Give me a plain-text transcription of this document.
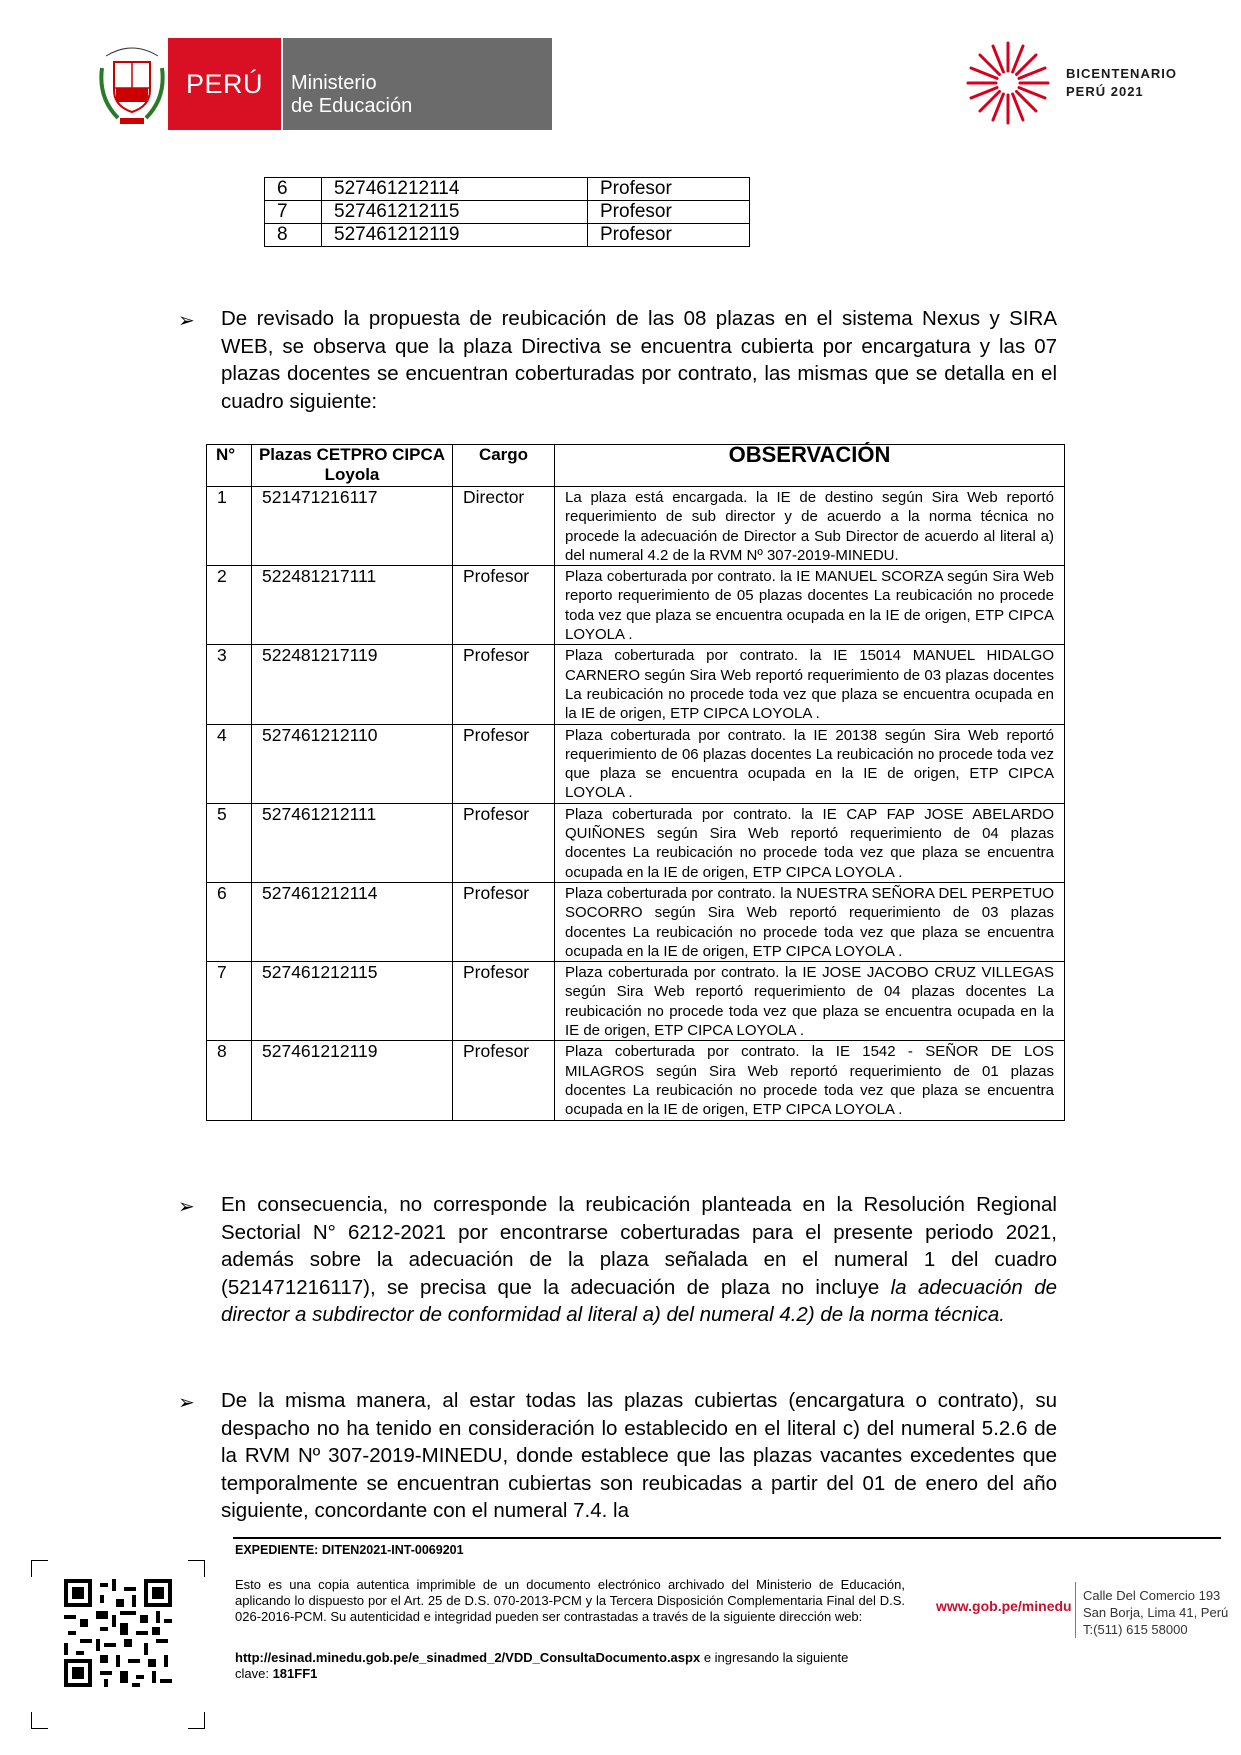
PERÚ Ministerio
de Educación
BICENTENARIO
PERÚ 2021
6	527461212114	Profesor
7	527461212115	Profesor
8	527461212119	Profesor
➢ De revisado la propuesta de reubicación de las 08 plazas en el sistema Nexus y SIRA WEB, se observa que la plaza Directiva se encuentra cubierta por encargatura y las 07 plazas docentes se encuentran coberturadas por contrato, las mismas que se detalla en el cuadro siguiente:
N°	Plazas CETPRO CIPCA Loyola	Cargo	OBSERVACIÓN
1	521471216117	Director	La plaza está encargada. la IE de destino según Sira Web reportó requerimiento de sub director y de acuerdo a la norma técnica no procede la adecuación de Director a Sub Director de acuerdo al literal a) del numeral 4.2 de la RVM Nº 307-2019-MINEDU.
2	522481217111	Profesor	Plaza coberturada por contrato. la IE MANUEL SCORZA según Sira Web reporto requerimiento de 05 plazas docentes La reubicación no procede toda vez que plaza se encuentra ocupada en la IE de origen, ETP CIPCA LOYOLA .
3	522481217119	Profesor	Plaza coberturada por contrato. la IE 15014 MANUEL HIDALGO CARNERO según Sira Web reportó requerimiento de 03 plazas docentes La reubicación no procede toda vez que plaza se encuentra ocupada en la IE de origen, ETP CIPCA LOYOLA .
4	527461212110	Profesor	Plaza coberturada por contrato. la IE 20138 según Sira Web reportó requerimiento de 06 plazas docentes La reubicación no procede toda vez que plaza se encuentra ocupada en la IE de origen, ETP CIPCA LOYOLA .
5	527461212111	Profesor	Plaza coberturada por contrato. la IE CAP FAP JOSE ABELARDO QUIÑONES según Sira Web reportó requerimiento de 04 plazas docentes La reubicación no procede toda vez que plaza se encuentra ocupada en la IE de origen, ETP CIPCA LOYOLA .
6	527461212114	Profesor	Plaza coberturada por contrato. la NUESTRA SEÑORA DEL PERPETUO SOCORRO según Sira Web reportó requerimiento de 03 plazas docentes La reubicación no procede toda vez que plaza se encuentra ocupada en la IE de origen, ETP CIPCA LOYOLA .
7	527461212115	Profesor	Plaza coberturada por contrato. la IE JOSE JACOBO CRUZ VILLEGAS según Sira Web reportó requerimiento de 04 plazas docentes La reubicación no procede toda vez que plaza se encuentra ocupada en la IE de origen, ETP CIPCA LOYOLA .
8	527461212119	Profesor	Plaza coberturada por contrato. la IE 1542 - SEÑOR DE LOS MILAGROS según Sira Web reportó requerimiento de 01 plazas docentes La reubicación no procede toda vez que plaza se encuentra ocupada en la IE de origen, ETP CIPCA LOYOLA .
➢ En consecuencia, no corresponde la reubicación planteada en la Resolución Regional Sectorial N° 6212-2021 por encontrarse coberturadas para el presente periodo 2021, además sobre la adecuación de la plaza señalada en el numeral 1 del cuadro (521471216117), se precisa que la adecuación de plaza no incluye la adecuación de director a subdirector de conformidad al literal a) del numeral 4.2) de la norma técnica.
➢ De la misma manera, al estar todas las plazas cubiertas (encargatura o contrato), su despacho no ha tenido en consideración lo establecido en el literal c) del numeral 5.2.6 de la RVM Nº 307-2019-MINEDU, donde establece que las plazas vacantes excedentes que temporalmente se encuentran cubiertas son reubicadas a partir del 01 de enero del año siguiente, concordante con el numeral 7.4. la
EXPEDIENTE: DITEN2021-INT-0069201
Esto es una copia autentica imprimible de un documento electrónico archivado del Ministerio de Educación, aplicando lo dispuesto por el Art. 25 de D.S. 070-2013-PCM y la Tercera Disposición Complementaria Final del D.S. 026-2016-PCM. Su autenticidad e integridad pueden ser contrastadas a través de la siguiente dirección web:
http://esinad.minedu.gob.pe/e_sinadmed_2/VDD_ConsultaDocumento.aspx e ingresando la siguiente clave: 181FF1
www.gob.pe/minedu
Calle Del Comercio 193
San Borja, Lima 41, Perú
T:(511) 615 58000
